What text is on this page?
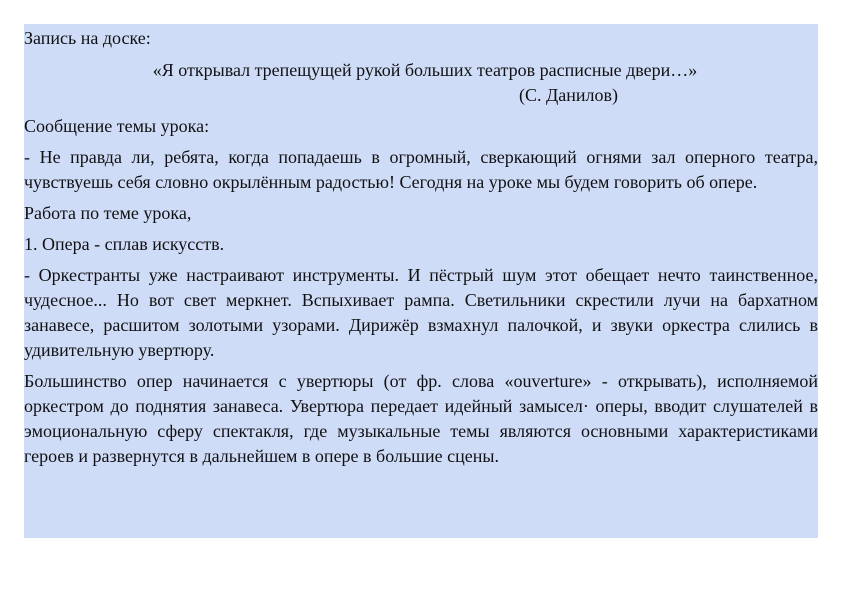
Запись на доске:

«Я открывал трепещущей рукой больших театров расписные двери…»

(С. Данилов)

Сообщение темы урока:

- Не правда ли, ребята, когда попадаешь в огромный, сверкающий огнями зал оперного театра, чувствуешь себя словно окрылённым радостью! Сегодня на уроке мы будем говорить об опере.

Работа по теме урока,

1. Опера - сплав искусств.

- Оркестранты уже настраивают инструменты. И пёстрый шум этот обещает нечто таинственное, чудесное... Но вот свет меркнет. Вспыхивает рампа. Светильники скрестили лучи на бархатном занавесе, расшитом золотыми узорами. Дирижёр взмахнул палочкой, и звуки оркестра слились в удивительную увертюру.

Большинство опер начинается с увертюры (от фр. слова «ouverture» - открывать), исполняемой оркестром до поднятия занавеса. Увертюра передает идейный замысел· оперы, вводит слушателей в эмоциональную сферу спектакля, где музыкальные темы являются основными характеристиками героев и развернутся в дальнейшем в опере в большие сцены.
